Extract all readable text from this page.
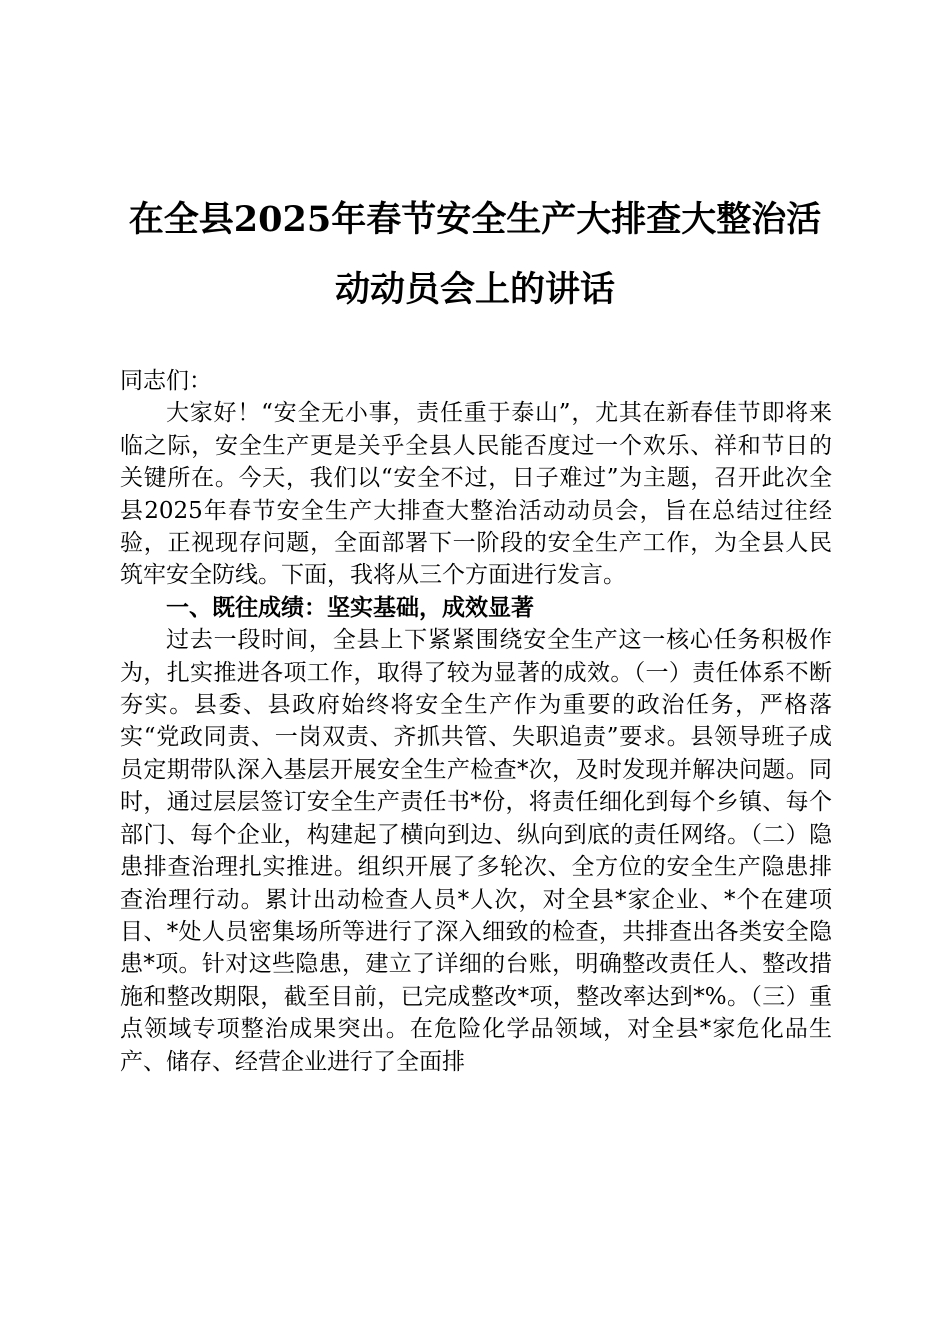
在全县2025年春节安全生产大排查大整治活
动动员会上的讲话

同志们：

大家好！“安全无小事，责任重于泰山”，尤其在新春佳节即将来临之际，安全生产更是关乎全县人民能否度过一个欢乐、祥和节日的关键所在。今天，我们以“安全不过，日子难过”为主题，召开此次全县2025年春节安全生产大排查大整治活动动员会，旨在总结过往经验，正视现存问题，全面部署下一阶段的安全生产工作，为全县人民筑牢安全防线。下面，我将从三个方面进行发言。

一、既往成绩：坚实基础，成效显著

过去一段时间，全县上下紧紧围绕安全生产这一核心任务积极作为，扎实推进各项工作，取得了较为显著的成效。（一）责任体系不断夯实。县委、县政府始终将安全生产作为重要的政治任务，严格落实“党政同责、一岗双责、齐抓共管、失职追责”要求。县领导班子成员定期带队深入基层开展安全生产检查*次，及时发现并解决问题。同时，通过层层签订安全生产责任书*份，将责任细化到每个乡镇、每个部门、每个企业，构建起了横向到边、纵向到底的责任网络。（二）隐患排查治理扎实推进。组织开展了多轮次、全方位的安全生产隐患排查治理行动。累计出动检查人员*人次，对全县*家企业、*个在建项目、*处人员密集场所等进行了深入细致的检查，共排查出各类安全隐患*项。针对这些隐患，建立了详细的台账，明确整改责任人、整改措施和整改期限，截至目前，已完成整改*项，整改率达到*%。（三）重点领域专项整治成果突出。在危险化学品领域，对全县*家危化品生产、储存、经营企业进行了全面排
